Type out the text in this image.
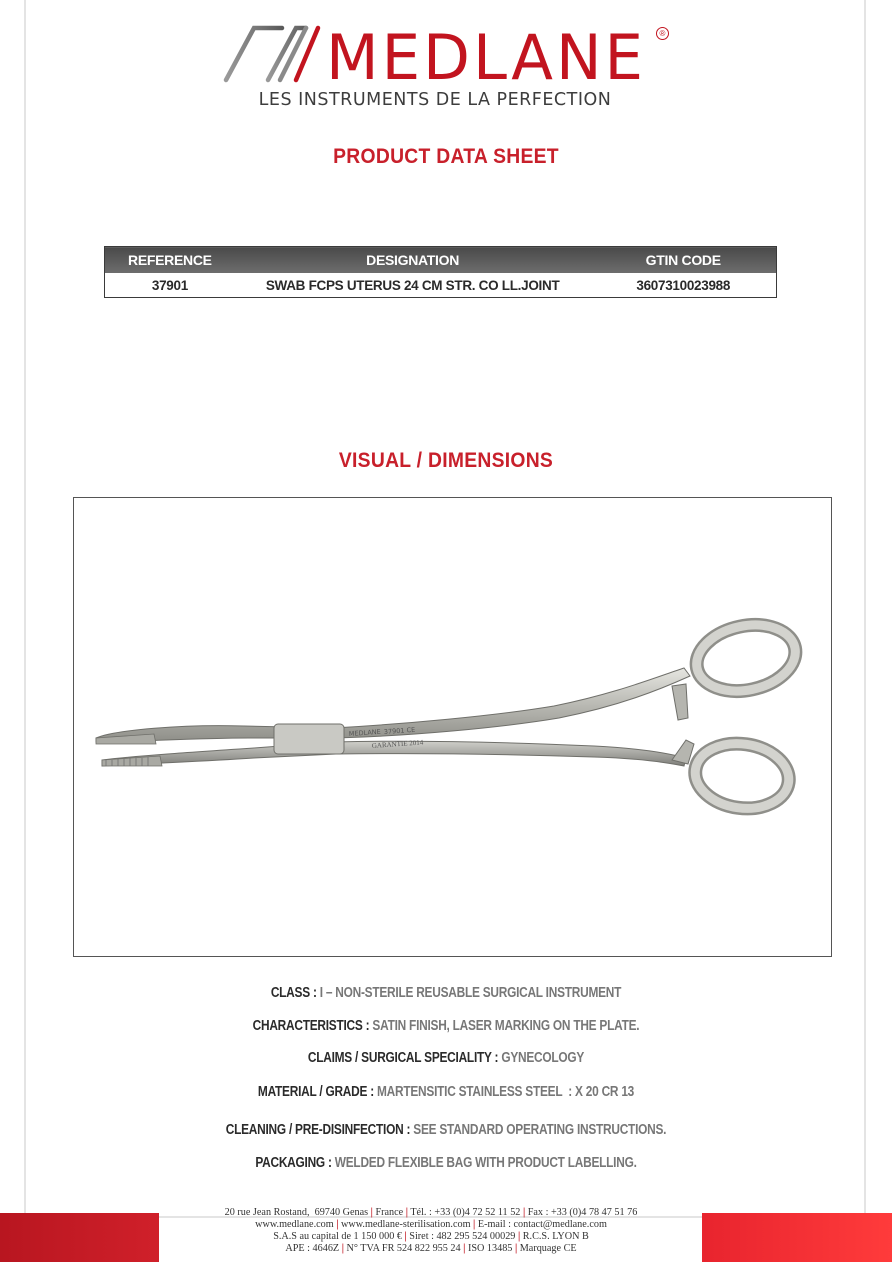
MEDLANE	®
LES INSTRUMENTS DE LA PERFECTION
PRODUCT DATA SHEET
REFERENCE	DESIGNATION	GTIN CODE
37901	SWAB FCPS UTERUS 24 CM STR. CO LL.JOINT	3607310023988
VISUAL / DIMENSIONS
MEDLANE 37901 CE
GARANTIE 2014
CLASS : I – NON-STERILE REUSABLE SURGICAL INSTRUMENT
CHARACTERISTICS : SATIN FINISH, LASER MARKING ON THE PLATE.
CLAIMS / SURGICAL SPECIALITY : GYNECOLOGY
MATERIAL / GRADE : MARTENSITIC STAINLESS STEEL  : X 20 CR 13
CLEANING / PRE-DISINFECTION : SEE STANDARD OPERATING INSTRUCTIONS.
PACKAGING : WELDED FLEXIBLE BAG WITH PRODUCT LABELLING.
20 rue Jean Rostand,  69740 Genas | France | Tél. : +33 (0)4 72 52 11 52 | Fax : +33 (0)4 78 47 51 76
www.medlane.com | www.medlane-sterilisation.com | E-mail : contact@medlane.com
S.A.S au capital de 1 150 000 € | Siret : 482 295 524 00029 | R.C.S. LYON B
APE : 4646Z | N° TVA FR 524 822 955 24 | ISO 13485 | Marquage CE
